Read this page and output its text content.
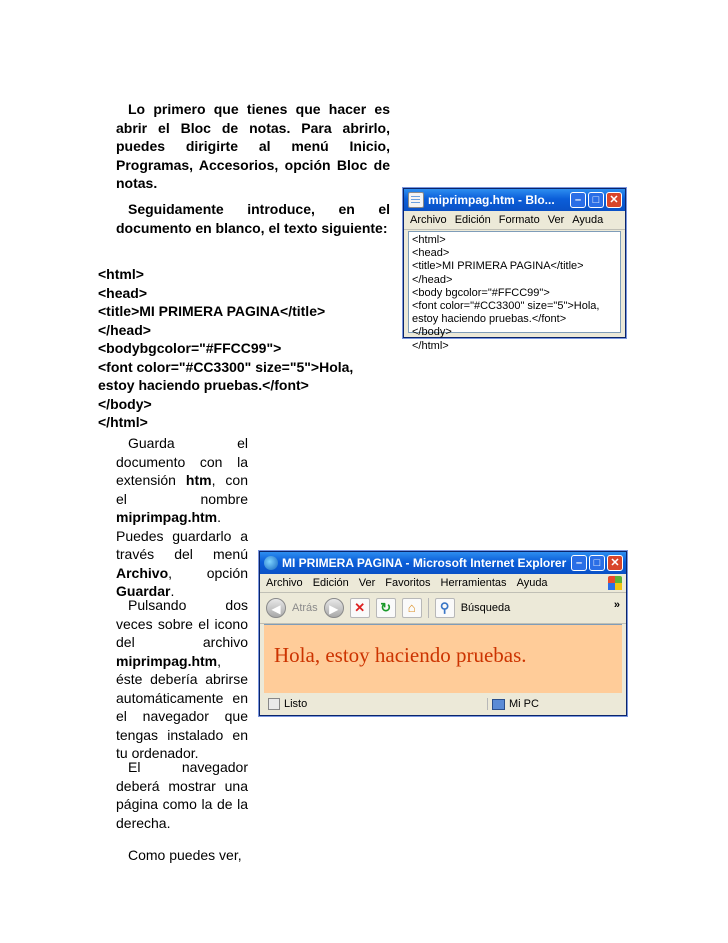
Lo primero que tienes que hacer es abrir el Bloc de notas. Para abrirlo, puedes dirigirte al menú Inicio, Programas, Accesorios, opción Bloc de notas.
Seguidamente introduce, en el documento en blanco, el texto siguiente:
<html>
<head>
<title>MI PRIMERA PAGINA</title>
</head>
<bodybgcolor="#FFCC99">
<font color="#CC3300" size="5">Hola,
estoy haciendo pruebas.</font>
</body>
</html>
Guarda el documento con la extensión htm, con el nombre miprimpag.htm. Puedes guardarlo a través del menú Archivo, opción Guardar.
Pulsando dos veces sobre el icono del archivo miprimpag.htm, éste debería abrirse automáticamente en el navegador que tengas instalado en tu ordenador.
El navegador deberá mostrar una página como la de la derecha.
Como puedes ver,
miprimpag.htm - Blo...	–	□ ✕
Archivo Edición Formato Ver Ayuda
<html>
<head>
<title>MI PRIMERA PAGINA</title>
</head>
<body bgcolor="#FFCC99">
<font color="#CC3300" size="5">Hola,
estoy haciendo pruebas.</font>
</body>
</html>
MI PRIMERA PAGINA - Microsoft Internet Explorer –	□ ✕
Archivo Edición Ver Favoritos Herramientas Ayuda
◀	Atrás ▶	✕	↻	⌂	⚲	Búsqueda	»
Hola, estoy haciendo pruebas.
Listo	Mi PC
